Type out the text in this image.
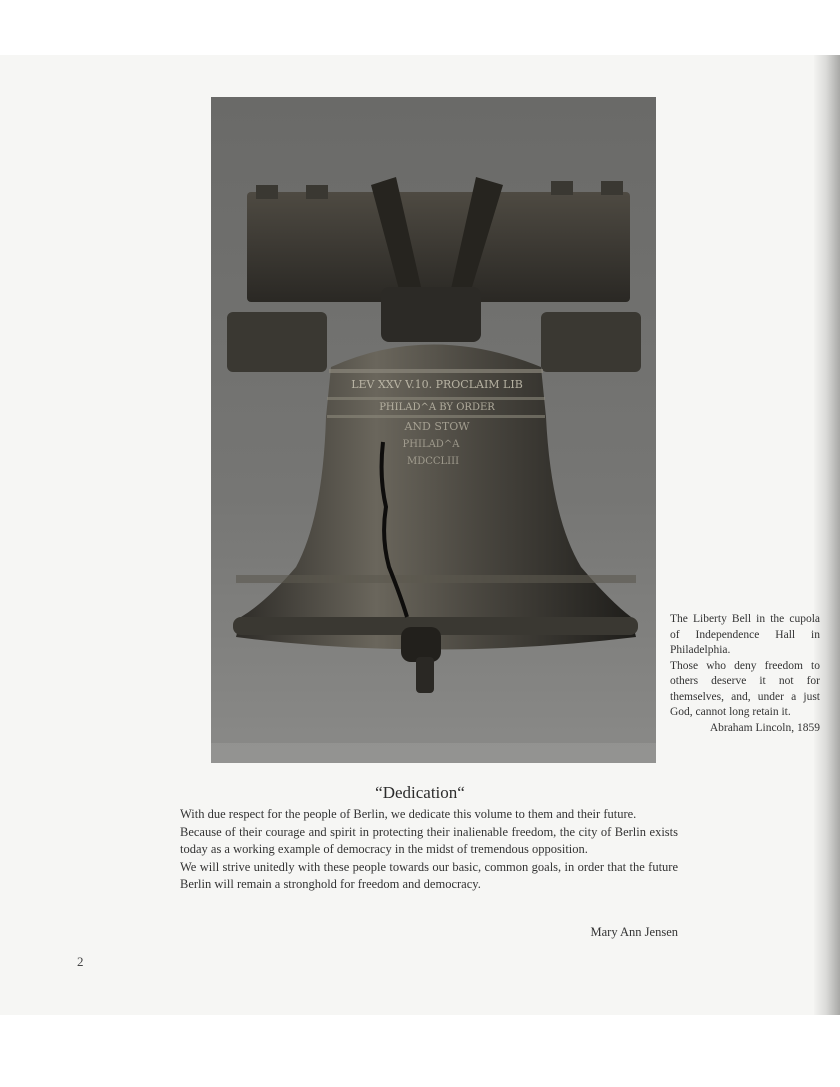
LEV XXV V.10. PROCLAIM LIB
PHILAD^A BY ORDER
AND STOW
PHILAD^A
MDCCLIII

The Liberty Bell in the cupola of Independence Hall in Philadelphia.

Those who deny freedom to others deserve it not for themselves, and, under a just God, cannot long retain it.

Abraham Lincoln, 1859

“Dedication“

With due respect for the people of Berlin, we dedicate this volume to them and their future.

Because of their courage and spirit in protecting their inalienable freedom, the city of Berlin exists today as a working example of democracy in the midst of tremendous opposition.

We will strive unitedly with these people towards our basic, common goals, in order that the future Berlin will remain a stronghold for freedom and democracy.

Mary Ann Jensen
2
